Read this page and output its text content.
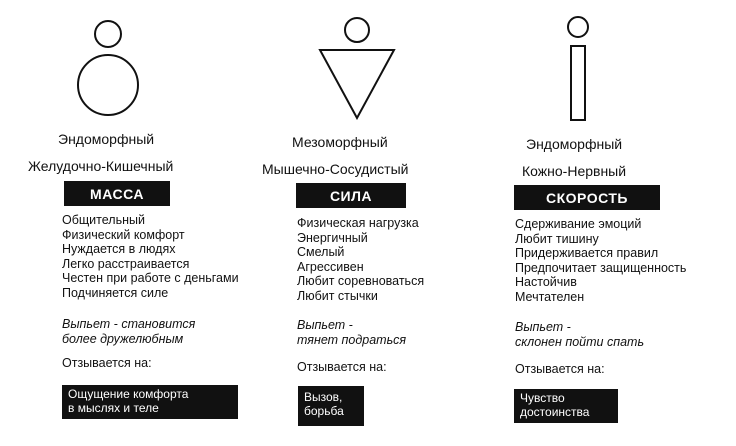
Эндоморфный
Желудочно-Кишечный
МАССА
Общительный
Физический комфорт
Нуждается в людях
Легко расстраивается
Честен при работе с деньгами
Подчиняется силе
Выпьет - становится
более дружелюбным
Отзывается на:
Ощущение комфорта
в мыслях и теле
Мезоморфный
Мышечно-Сосудистый
СИЛА
Физическая нагрузка
Энергичный
Смелый
Агрессивен
Любит соревноваться
Любит стычки
Выпьет -
тянет подраться
Отзывается на:
Вызов,
борьба
Эндоморфный
Кожно-Нервный
СКОРОСТЬ
Сдерживание эмоций
Любит тишину
Придерживается правил
Предпочитает защищенность
Настойчив
Мечтателен
Выпьет -
склонен пойти спать
Отзывается на:
Чувство
достоинства
